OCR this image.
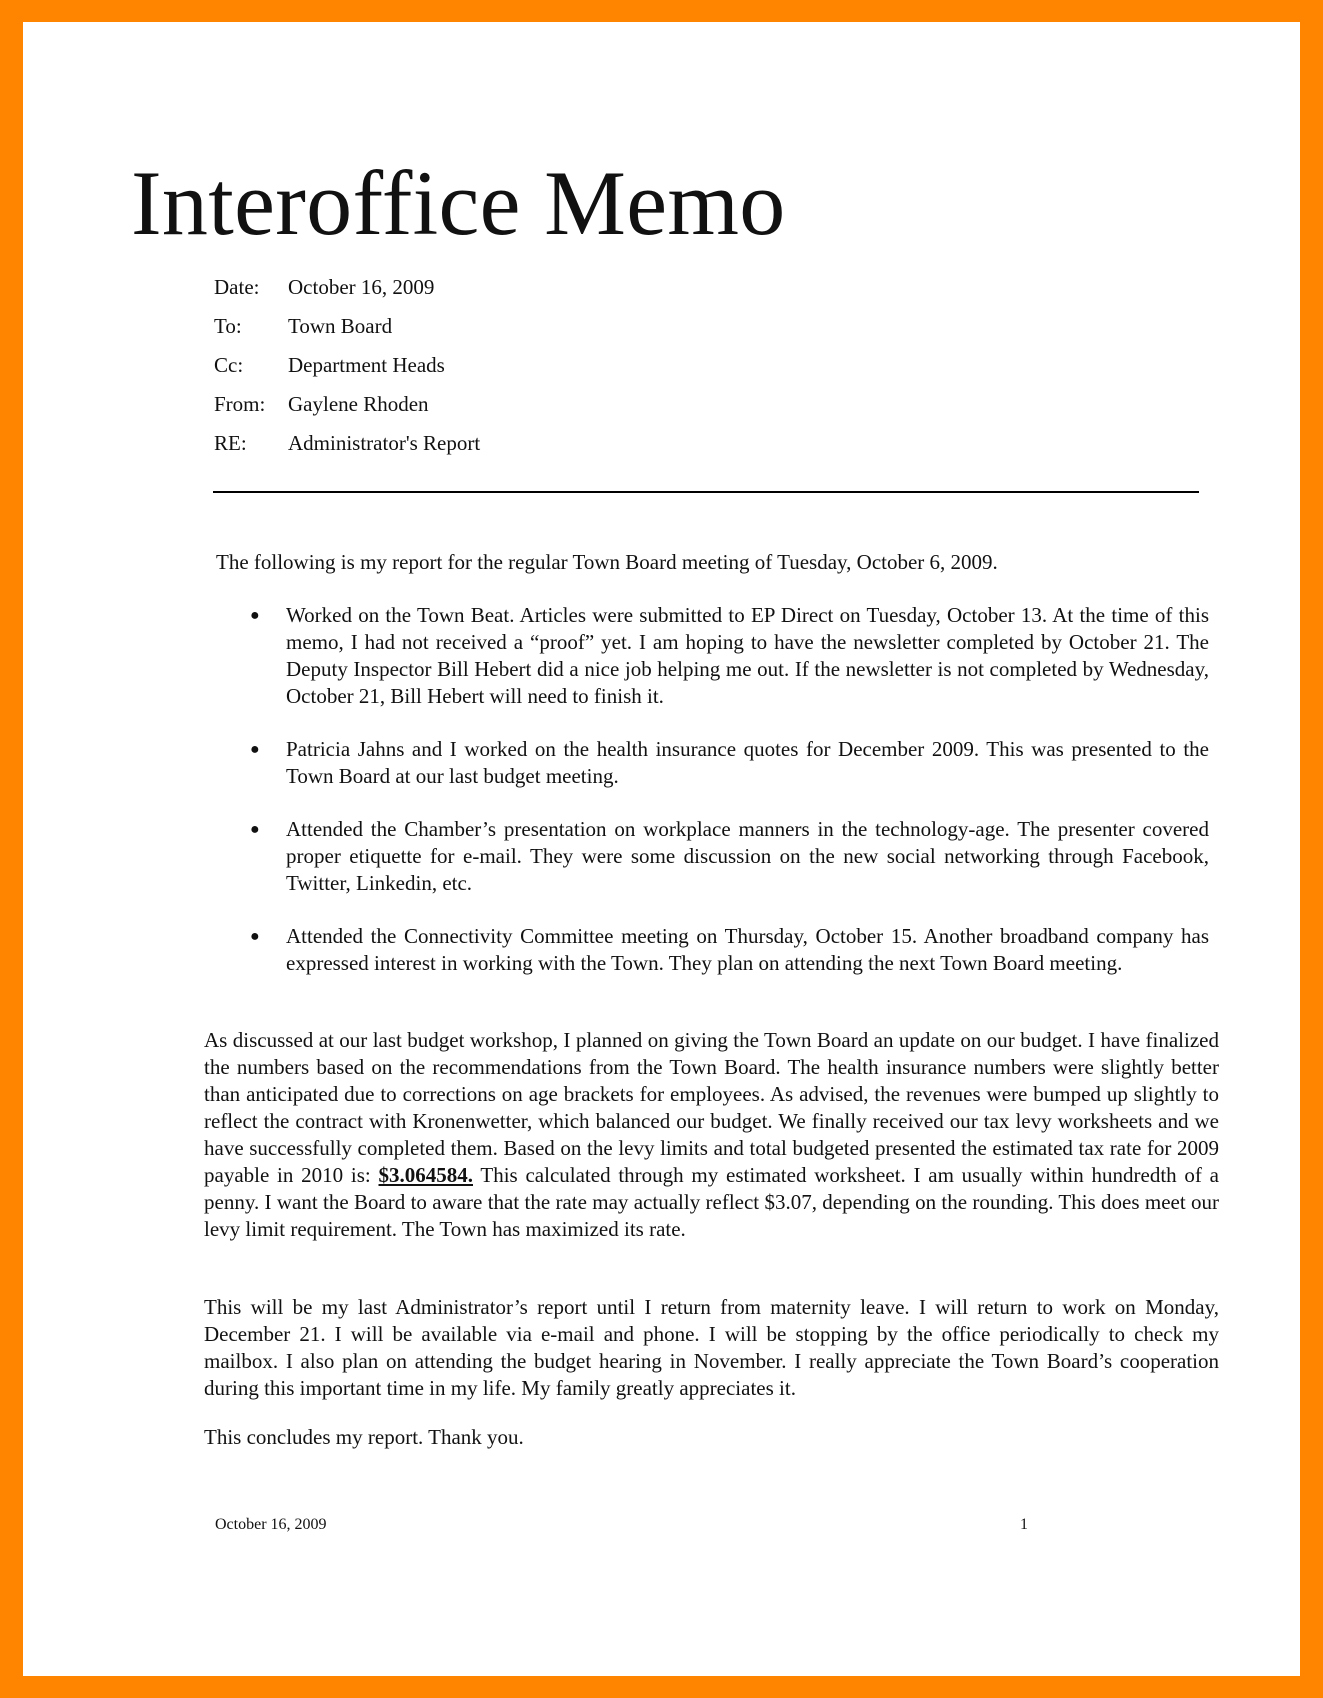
Interoffice Memo
Date:	October 16, 2009
To:	Town Board
Cc:	Department Heads
From:	Gaylene Rhoden
RE:	Administrator's Report
The following is my report for the regular Town Board meeting of Tuesday, October 6, 2009.
●	Worked on the Town Beat. Articles were submitted to EP Direct on Tuesday, October 13. At the time of this memo, I had not received a “proof” yet. I am hoping to have the newsletter completed by October 21. The Deputy Inspector Bill Hebert did a nice job helping me out. If the newsletter is not completed by Wednesday, October 21, Bill Hebert will need to finish it.
●	Patricia Jahns and I worked on the health insurance quotes for December 2009. This was presented to the Town Board at our last budget meeting.
●	Attended the Chamber’s presentation on workplace manners in the technology-age. The presenter covered proper etiquette for e-mail. They were some discussion on the new social networking through Facebook, Twitter, Linkedin, etc.
●	Attended the Connectivity Committee meeting on Thursday, October 15. Another broadband company has expressed interest in working with the Town. They plan on attending the next Town Board meeting.
As discussed at our last budget workshop, I planned on giving the Town Board an update on our budget. I have finalized the numbers based on the recommendations from the Town Board. The health insurance numbers were slightly better than anticipated due to corrections on age brackets for employees. As advised, the revenues were bumped up slightly to reflect the contract with Kronenwetter, which balanced our budget. We finally received our tax levy worksheets and we have successfully completed them. Based on the levy limits and total budgeted presented the estimated tax rate for 2009 payable in 2010 is: $3.064584. This calculated through my estimated worksheet. I am usually within hundredth of a penny. I want the Board to aware that the rate may actually reflect $3.07, depending on the rounding. This does meet our levy limit requirement. The Town has maximized its rate.
This will be my last Administrator’s report until I return from maternity leave. I will return to work on Monday, December 21. I will be available via e-mail and phone. I will be stopping by the office periodically to check my mailbox. I also plan on attending the budget hearing in November. I really appreciate the Town Board’s cooperation during this important time in my life. My family greatly appreciates it.
This concludes my report. Thank you.
October 16, 2009	1
